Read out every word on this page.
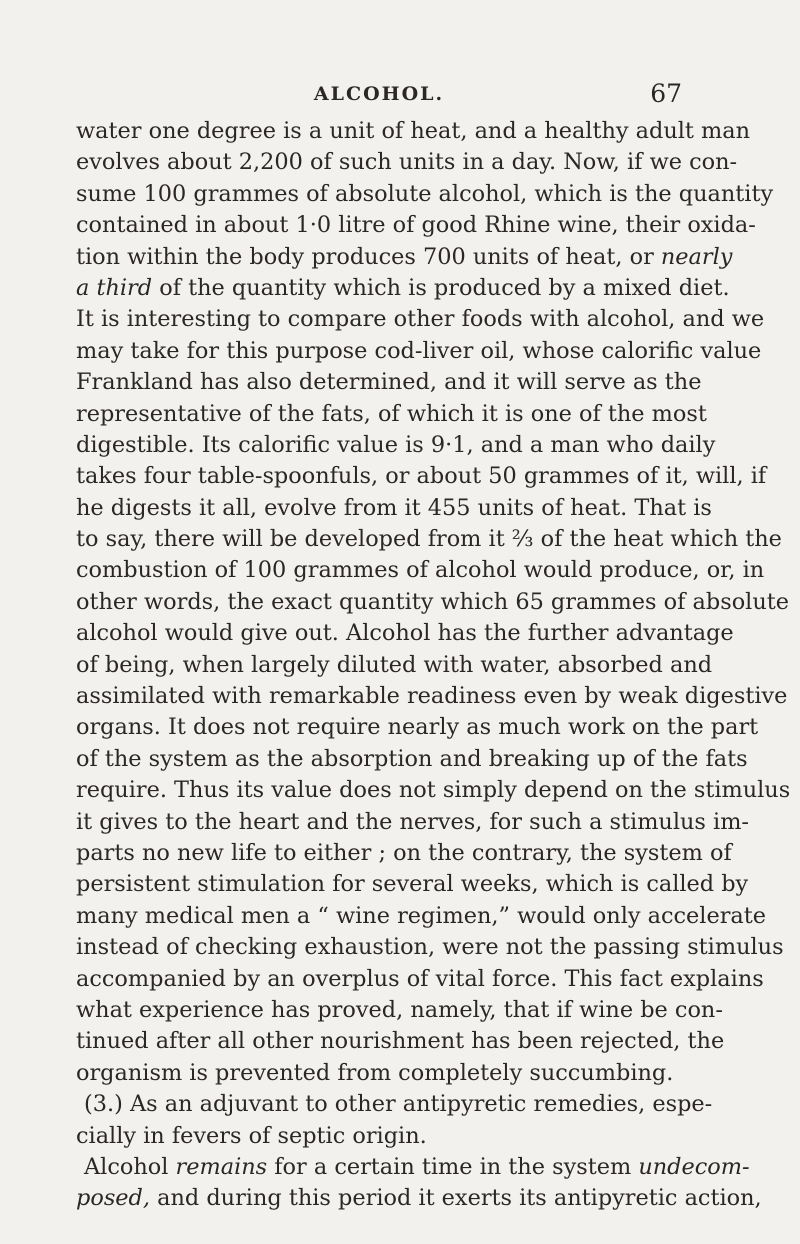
ALCOHOL.	67
water one degree is a unit of heat, and a healthy adult man
evolves about 2,200 of such units in a day. Now, if we con-
sume 100 grammes of absolute alcohol, which is the quantity
contained in about 1·0 litre of good Rhine wine, their oxida-
tion within the body produces 700 units of heat, or nearly
a third of the quantity which is produced by a mixed diet.
It is interesting to compare other foods with alcohol, and we
may take for this purpose cod-liver oil, whose calorific value
Frankland has also determined, and it will serve as the
representative of the fats, of which it is one of the most
digestible. Its calorific value is 9·1, and a man who daily
takes four table-spoonfuls, or about 50 grammes of it, will, if
he digests it all, evolve from it 455 units of heat. That is
to say, there will be developed from it ⅔ of the heat which the
combustion of 100 grammes of alcohol would produce, or, in
other words, the exact quantity which 65 grammes of absolute
alcohol would give out. Alcohol has the further advantage
of being, when largely diluted with water, absorbed and
assimilated with remarkable readiness even by weak digestive
organs. It does not require nearly as much work on the part
of the system as the absorption and breaking up of the fats
require. Thus its value does not simply depend on the stimulus
it gives to the heart and the nerves, for such a stimulus im-
parts no new life to either ; on the contrary, the system of
persistent stimulation for several weeks, which is called by
many medical men a “ wine regimen,” would only accelerate
instead of checking exhaustion, were not the passing stimulus
accompanied by an overplus of vital force. This fact explains
what experience has proved, namely, that if wine be con-
tinued after all other nourishment has been rejected, the
organism is prevented from completely succumbing.
(3.) As an adjuvant to other antipyretic remedies, espe-
cially in fevers of septic origin.
Alcohol remains for a certain time in the system undecom-
posed, and during this period it exerts its antipyretic action,
